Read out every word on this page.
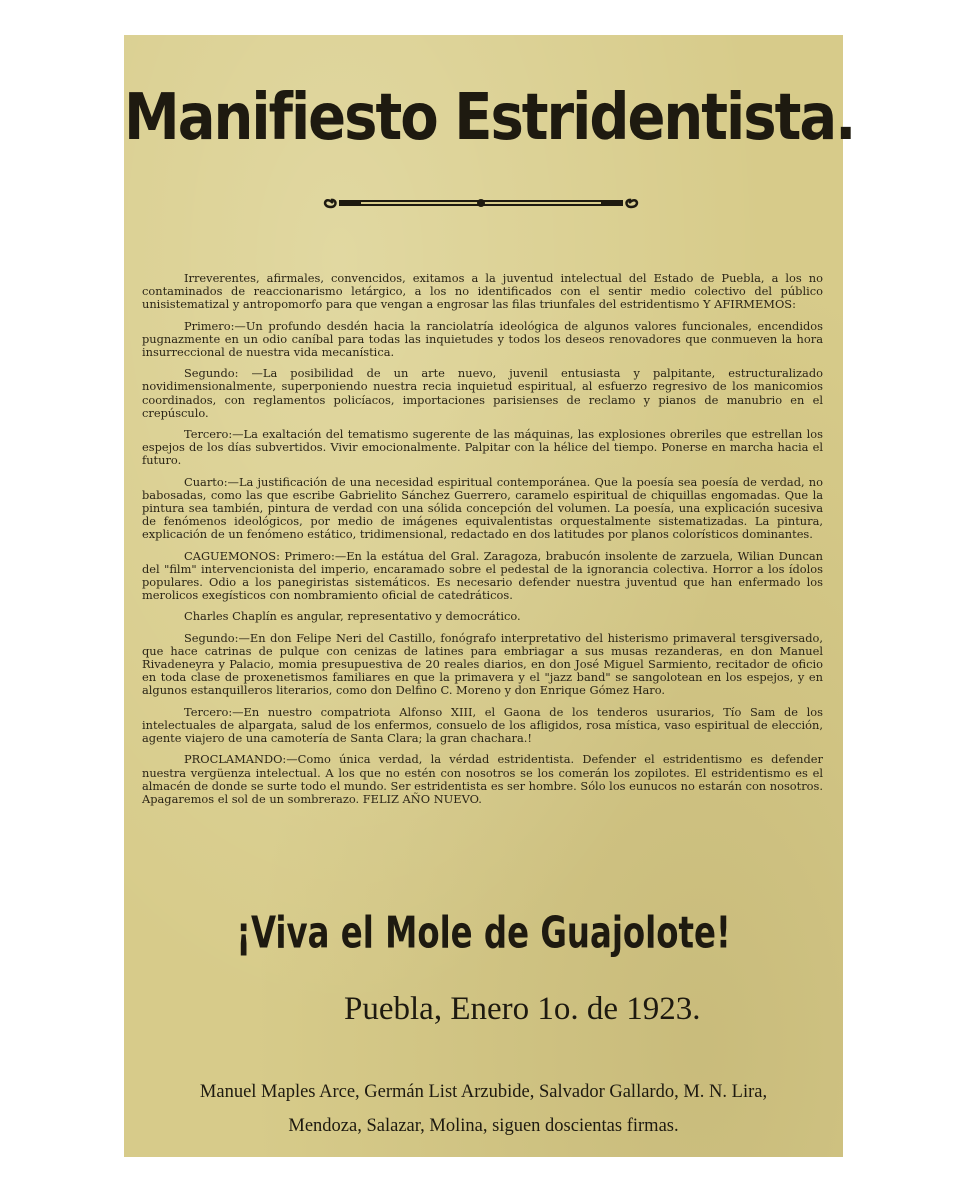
Manifiesto Estridentista.

Irreverentes, afirmales, convencidos, exitamos a la juventud intelectual del Estado de Puebla, a los no contaminados de reaccionarismo letárgico, a los no identificados con el sentir medio colectivo del público unisistematizal y antropomorfo para que vengan a engrosar las filas triunfales del estridentismo Y AFIRMEMOS:

Primero:—Un profundo desdén hacia la ranciolatría ideológica de algunos valores funcionales, encendidos pugnazmente en un odio caníbal para todas las inquietudes y todos los deseos renovadores que conmueven la hora insurreccional de nuestra vida mecanística.

Segundo: —La posibilidad de un arte nuevo, juvenil entusiasta y palpitante, estructuralizado novidimensionalmente, superponiendo nuestra recia inquietud espiritual, al esfuerzo regresivo de los manicomios coordinados, con reglamentos policíacos, importaciones parisienses de reclamo y pianos de manubrio en el crepúsculo.

Tercero:—La exaltación del tematismo sugerente de las máquinas, las explosiones obreriles que estrellan los espejos de los días subvertidos. Vivir emocionalmente. Palpitar con la hélice del tiempo. Ponerse en marcha hacia el futuro.

Cuarto:—La justificación de una necesidad espiritual contemporánea. Que la poesía sea poesía de verdad, no babosadas, como las que escribe Gabrielito Sánchez Guerrero, caramelo espiritual de chiquillas engomadas. Que la pintura sea también, pintura de verdad con una sólida concepción del volumen. La poesía, una explicación sucesiva de fenómenos ideológicos, por medio de imágenes equivalentistas orquestalmente sistematizadas. La pintura, explicación de un fenómeno estático, tridimensional, redactado en dos latitudes por planos colorísticos dominantes.

CAGUEMONOS: Primero:—En la estátua del Gral. Zaragoza, brabucón insolente de zarzuela, Wilian Duncan del "film" intervencionista del imperio, encaramado sobre el pedestal de la ignorancia colectiva. Horror a los ídolos populares. Odio a los panegiristas sistemáticos. Es necesario defender nuestra juventud que han enfermado los merolicos exegísticos con nombramiento oficial de catedráticos.

Charles Chaplín es angular, representativo y democrático.

Segundo:—En don Felipe Neri del Castillo, fonógrafo interpretativo del histerismo primaveral tersgiversado, que hace catrinas de pulque con cenizas de latines para embriagar a sus musas rezanderas, en don Manuel Rivadeneyra y Palacio, momia presupuestiva de 20 reales diarios, en don José Miguel Sarmiento, recitador de oficio en toda clase de proxenetismos familiares en que la primavera y el "jazz band" se sangolotean en los espejos, y en algunos estanquilleros literarios, como don Delfino C. Moreno y don Enrique Gómez Haro.

Tercero:—En nuestro compatriota Alfonso XIII, el Gaona de los tenderos usurarios, Tío Sam de los intelectuales de alpargata, salud de los enfermos, consuelo de los afligidos, rosa mística, vaso espiritual de elección, agente viajero de una camotería de Santa Clara; la gran chachara.!

PROCLAMANDO:—Como única verdad, la vérdad estridentista. Defender el estridentismo es defender nuestra vergüenza intelectual. A los que no estén con nosotros se los comerán los zopilotes. El estridentismo es el almacén de donde se surte todo el mundo. Ser estridentista es ser hombre. Sólo los eunucos no estarán con nosotros. Apagaremos el sol de un sombrerazo. FELIZ AÑO NUEVO.

¡Viva el Mole de Guajolote!
Puebla, Enero 1o. de 1923.
Manuel Maples Arce, Germán List Arzubide, Salvador Gallardo, M. N. Lira,
Mendoza, Salazar, Molina, siguen doscientas firmas.
